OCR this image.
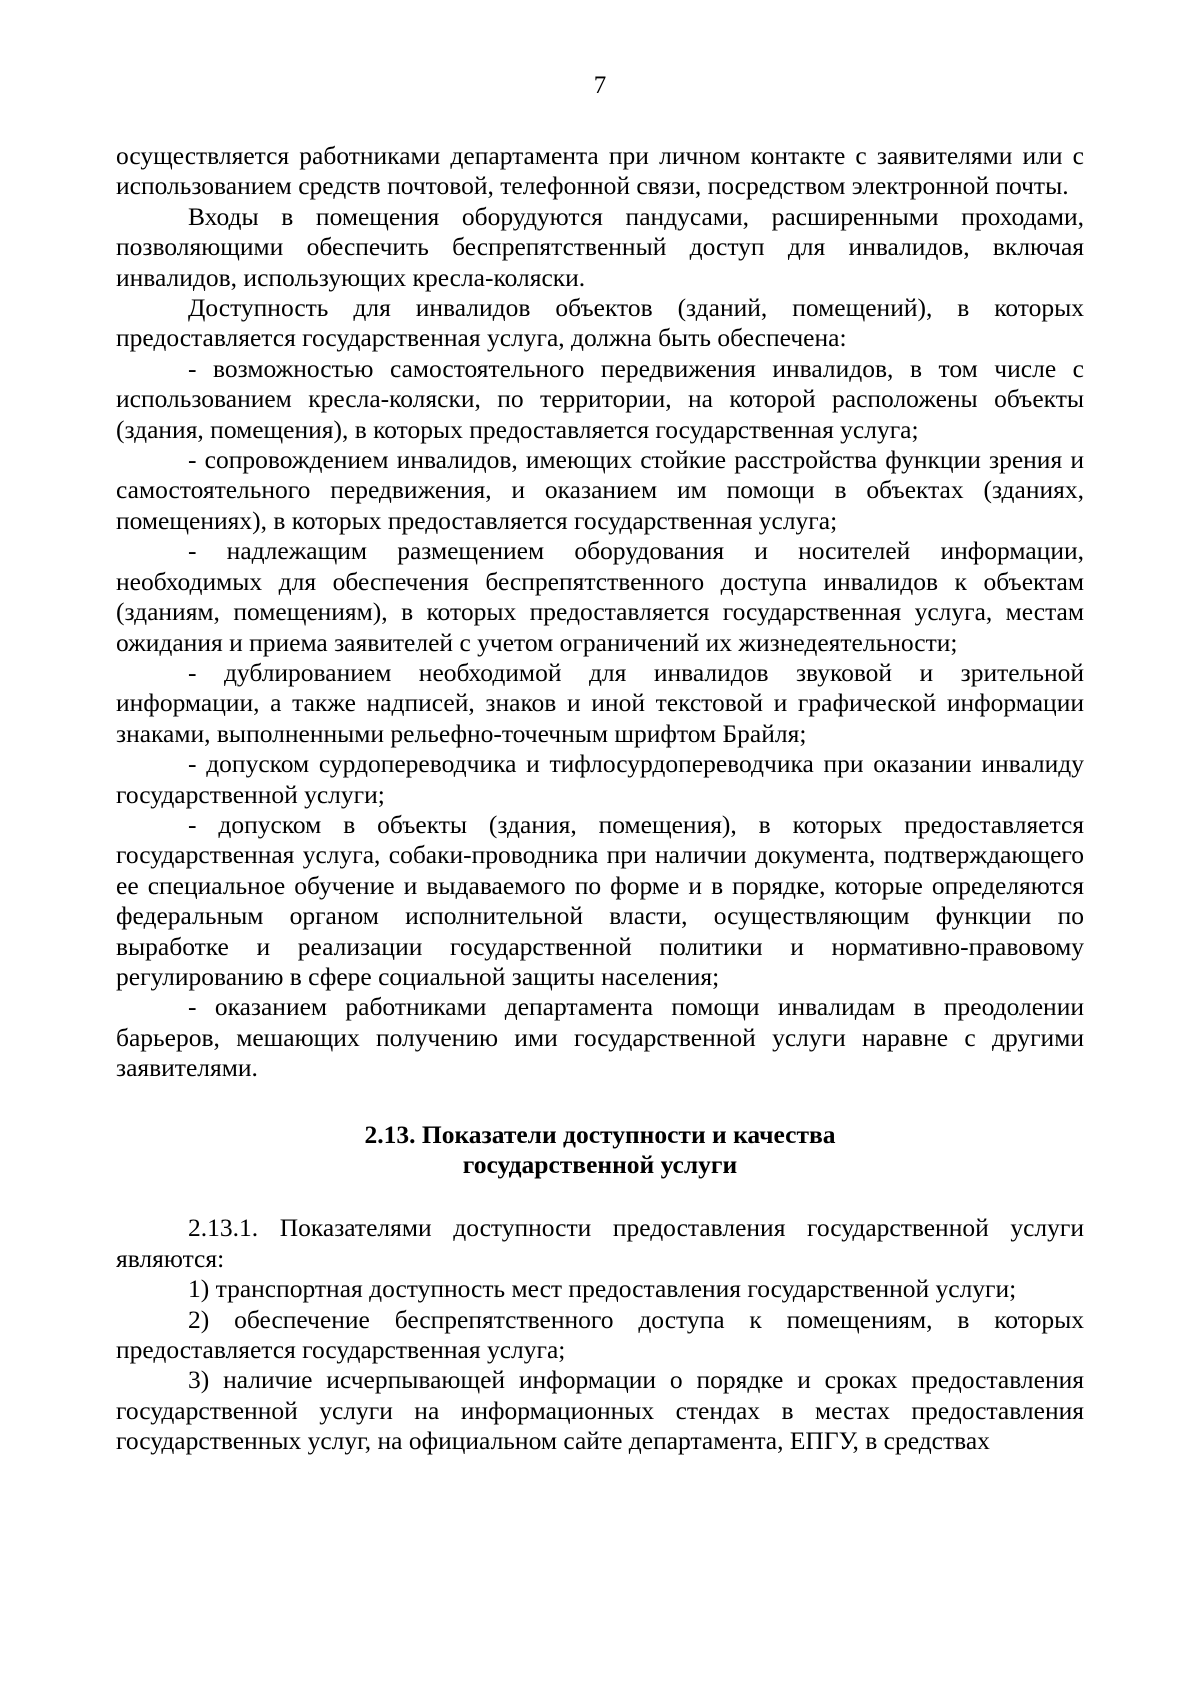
7

осуществляется работниками департамента при личном контакте с заявителями или с использованием средств почтовой, телефонной связи, посредством электронной почты.

Входы в помещения оборудуются пандусами, расширенными проходами, позволяющими обеспечить беспрепятственный доступ для инвалидов, включая инвалидов, использующих кресла-коляски.

Доступность для инвалидов объектов (зданий, помещений), в которых предоставляется государственная услуга, должна быть обеспечена:

- возможностью самостоятельного передвижения инвалидов, в том числе с использованием кресла-коляски, по территории, на которой расположены объекты (здания, помещения), в которых предоставляется государственная услуга;

- сопровождением инвалидов, имеющих стойкие расстройства функции зрения и самостоятельного передвижения, и оказанием им помощи в объектах (зданиях, помещениях), в которых предоставляется государственная услуга;

- надлежащим размещением оборудования и носителей информации, необходимых для обеспечения беспрепятственного доступа инвалидов к объектам (зданиям, помещениям), в которых предоставляется государственная услуга, местам ожидания и приема заявителей с учетом ограничений их жизнедеятельности;

- дублированием необходимой для инвалидов звуковой и зрительной информации, а также надписей, знаков и иной текстовой и графической информации знаками, выполненными рельефно-точечным шрифтом Брайля;

- допуском сурдопереводчика и тифлосурдопереводчика при оказании инвалиду государственной услуги;

- допуском в объекты (здания, помещения), в которых предоставляется государственная услуга, собаки-проводника при наличии документа, подтверждающего ее специальное обучение и выдаваемого по форме и в порядке, которые определяются федеральным органом исполнительной власти, осуществляющим функции по выработке и реализации государственной политики и нормативно-правовому регулированию в сфере социальной защиты населения;

- оказанием работниками департамента помощи инвалидам в преодолении барьеров, мешающих получению ими государственной услуги наравне с другими заявителями.

2.13. Показатели доступности и качества
государственной услуги

2.13.1. Показателями доступности предоставления государственной услуги являются:

1) транспортная доступность мест предоставления государственной услуги;

2) обеспечение беспрепятственного доступа к помещениям, в которых предоставляется государственная услуга;

3) наличие исчерпывающей информации о порядке и сроках предоставления государственной услуги на информационных стендах в местах предоставления государственных услуг, на официальном сайте департамента, ЕПГУ, в средствах
